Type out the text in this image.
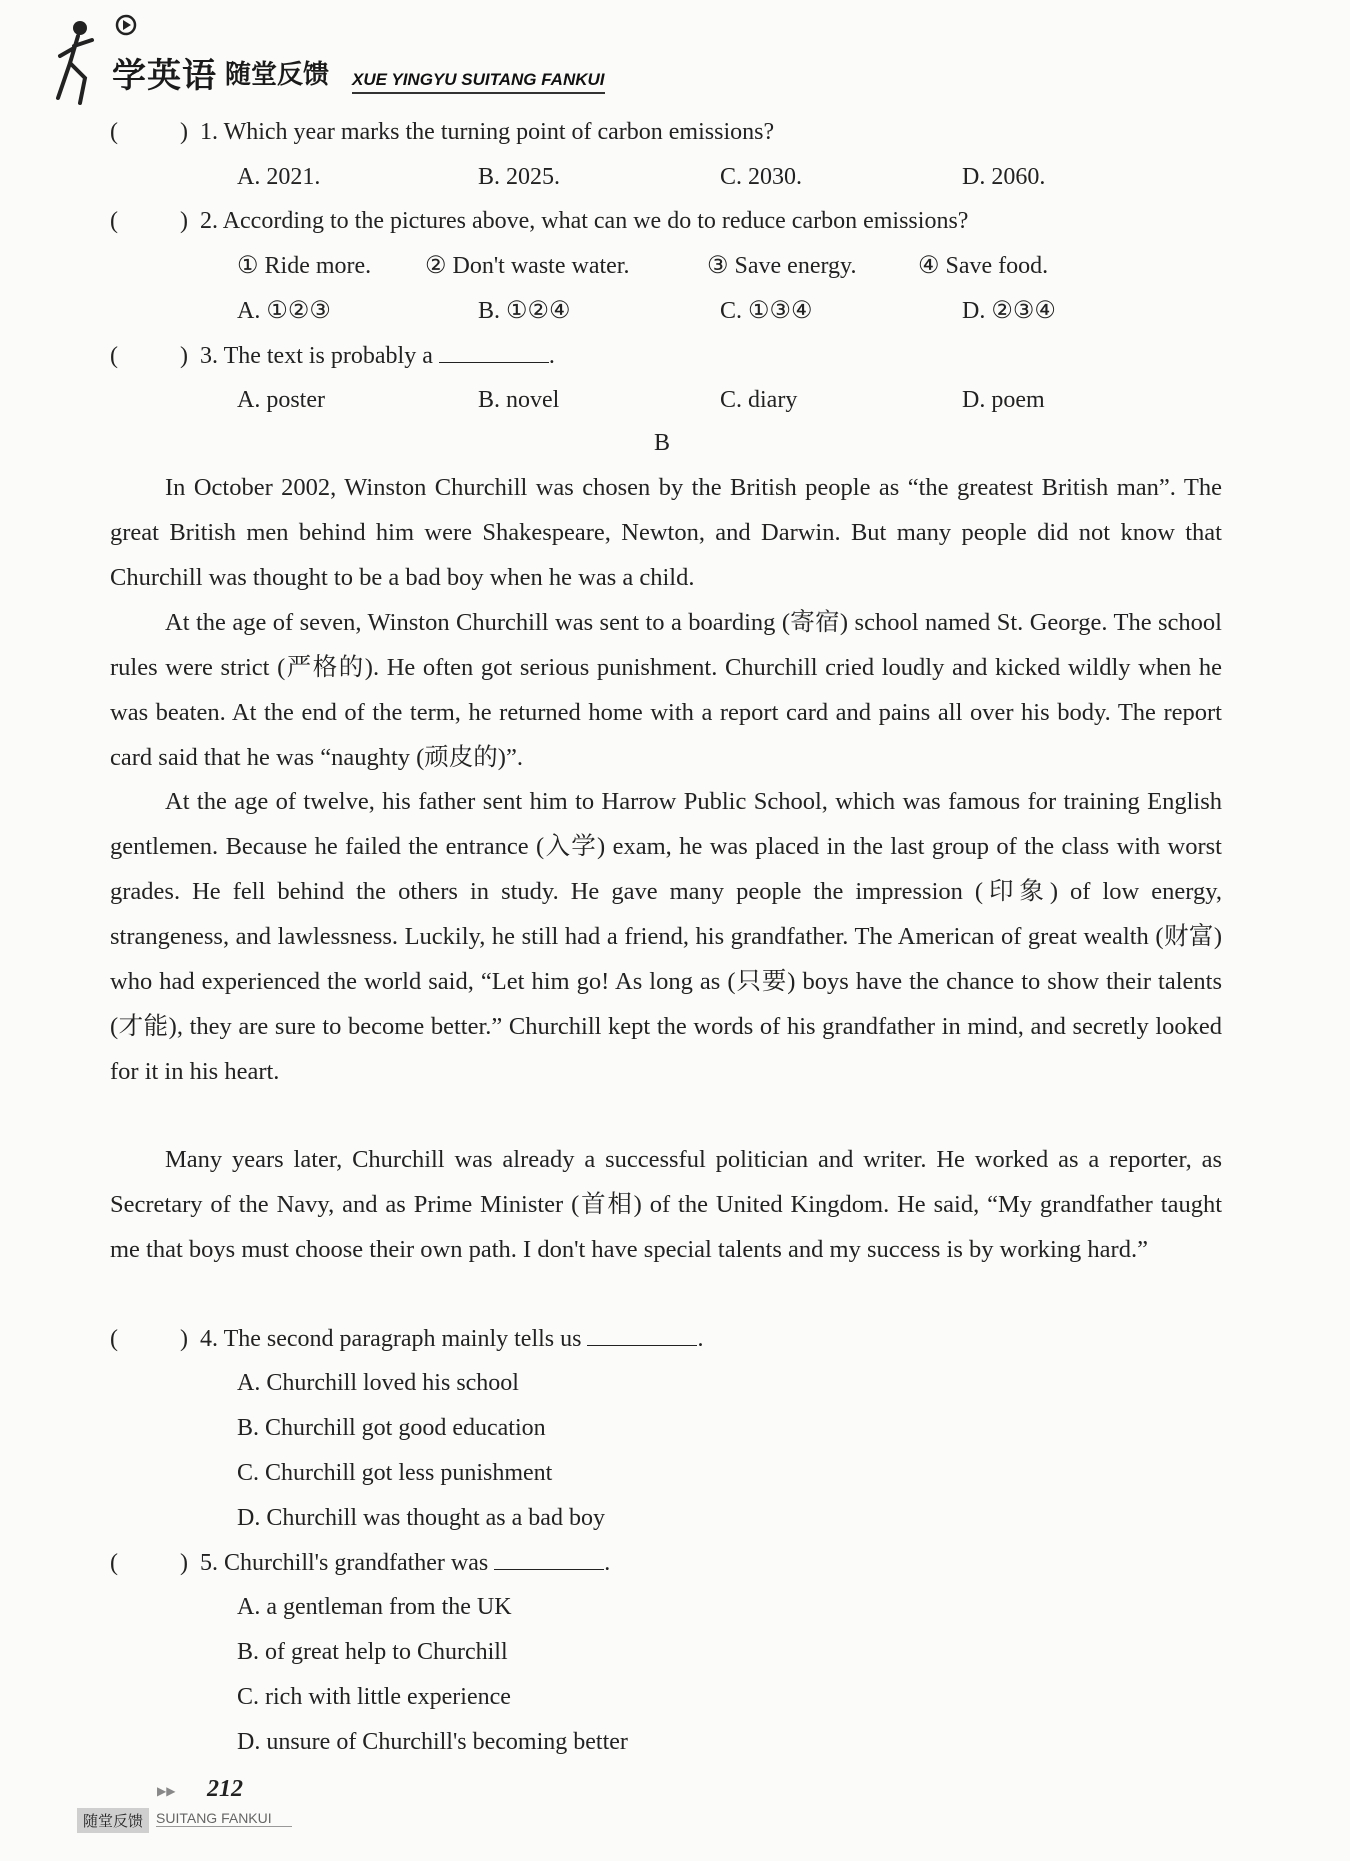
学英语 随堂反馈 XUE YINGYU SUITANG FANKUI
(	) 1. Which year marks the turning point of carbon emissions?
A. 2021.	B. 2025.	C. 2030.	D. 2060.
(	) 2. According to the pictures above, what can we do to reduce carbon emissions?
① Ride more. ② Don't waste water.	③ Save energy.	④ Save food.
A. ①②③	B. ①②④	C. ①③④	D. ②③④
(	) 3. The text is probably a	.
A. poster	B. novel	C. diary	D. poem
B
In October 2002, Winston Churchill was chosen by the British people as “the greatest British man”. The great British men behind him were Shakespeare, Newton, and Darwin. But many people did not know that Churchill was thought to be a bad boy when he was a child.
At the age of seven, Winston Churchill was sent to a boarding (寄宿) school named St. George. The school rules were strict (严格的). He often got serious punishment. Churchill cried loudly and kicked wildly when he was beaten. At the end of the term, he returned home with a report card and pains all over his body. The report card said that he was “naughty (顽皮的)”.
At the age of twelve, his father sent him to Harrow Public School, which was famous for training English gentlemen. Because he failed the entrance (入学) exam, he was placed in the last group of the class with worst grades. He fell behind the others in study. He gave many people the impression (印象) of low energy, strangeness, and lawlessness. Luckily, he still had a friend, his grandfather. The American of great wealth (财富) who had experienced the world said, “Let him go! As long as (只要) boys have the chance to show their talents (才能), they are sure to become better.” Churchill kept the words of his grandfather in mind, and secretly looked for it in his heart.
Many years later, Churchill was already a successful politician and writer. He worked as a reporter, as Secretary of the Navy, and as Prime Minister (首相) of the United Kingdom. He said, “My grandfather taught me that boys must choose their own path. I don't have special talents and my success is by working hard.”
(	) 4. The second paragraph mainly tells us	.
A. Churchill loved his school
B. Churchill got good education
C. Churchill got less punishment
D. Churchill was thought as a bad boy
(	) 5. Churchill's grandfather was	.
A. a gentleman from the UK
B. of great help to Churchill
C. rich with little experience
D. unsure of Churchill's becoming better
▶▶ 212
随堂反馈 SUITANG FANKUI
